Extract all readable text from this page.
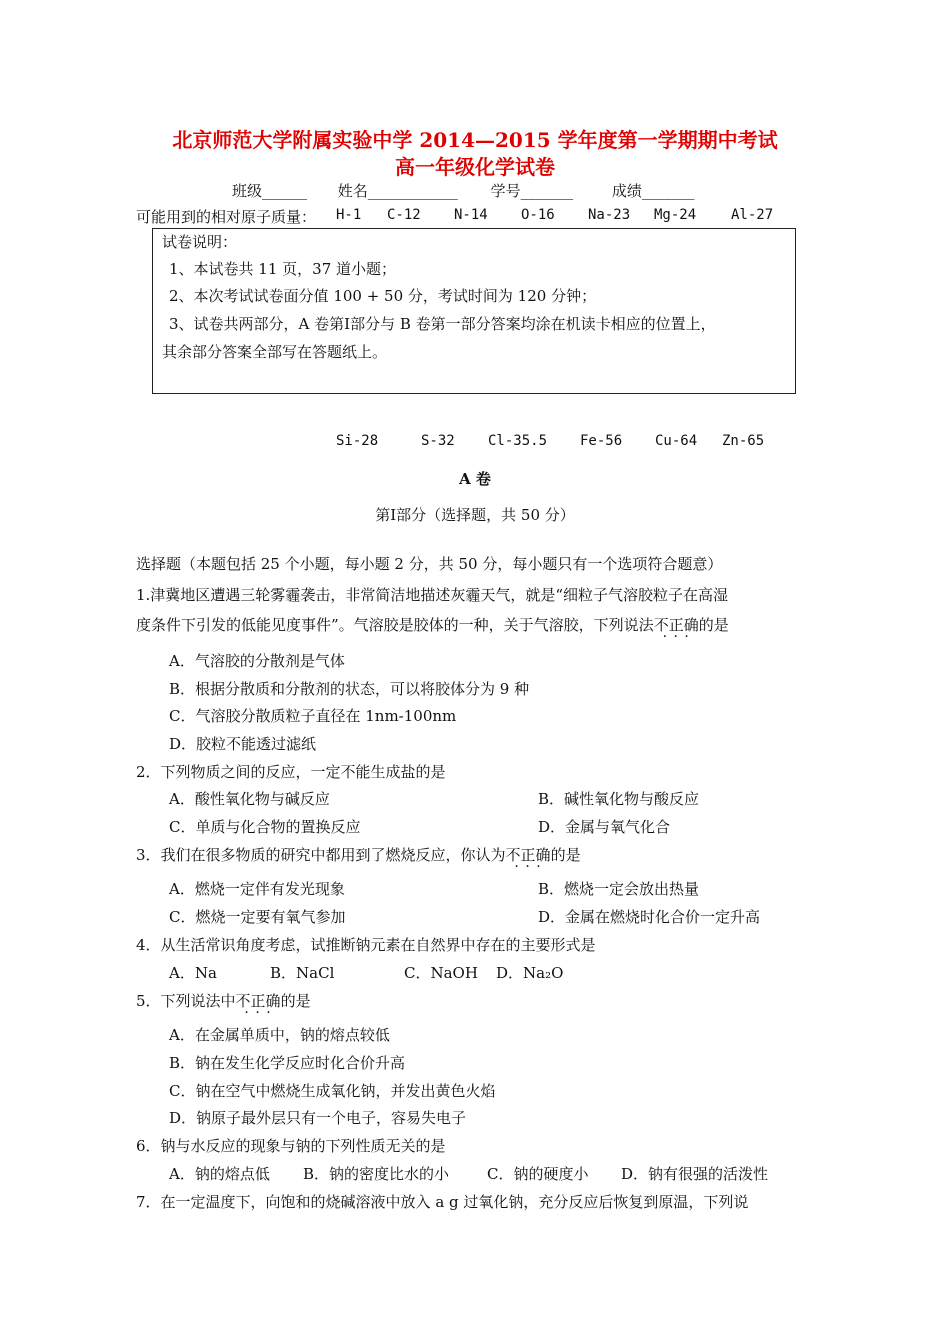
北京师范大学附属实验中学 2014—2015 学年度第一学期期中考试
高一年级化学试卷
班级______ 姓名____________ 学号_______	成绩_______
可能用到的相对原子质量： H-1 C-12 N-14 O-16 Na-23 Mg-24 Al-27
试卷说明：
1、本试卷共 11 页，37 道小题；
2、本次考试试卷面分值 100 + 50 分，考试时间为 120 分钟；
3、试卷共两部分，A 卷第Ⅰ部分与 B 卷第一部分答案均涂在机读卡相应的位置上，
其余部分答案全部写在答题纸上。
Si-28	S-32 Cl-35.5 Fe-56 Cu-64 Zn-65
A 卷
第Ⅰ部分（选择题，共 50 分）
选择题（本题包括 25 个小题，每小题 2 分，共 50 分，每小题只有一个选项符合题意）
1.津冀地区遭遇三轮雾霾袭击，非常简洁地描述灰霾天气，就是“细粒子气溶胶粒子在高湿
度条件下引发的低能见度事件”。气溶胶是胶体的一种，关于气溶胶，下列说法不正确 · · ·的是
A．气溶胶的分散剂是气体
B．根据分散质和分散剂的状态，可以将胶体分为 9 种
C．气溶胶分散质粒子直径在 1nm-100nm
D．胶粒不能透过滤纸
2．下列物质之间的反应，一定不能生成盐的是
A．酸性氧化物与碱反应	B．碱性氧化物与酸反应
C．单质与化合物的置换反应	D．金属与氧气化合
3．我们在很多物质的研究中都用到了燃烧反应，你认为不正确 · · ·的是
A．燃烧一定伴有发光现象	B．燃烧一定会放出热量
C．燃烧一定要有氧气参加	D．金属在燃烧时化合价一定升高
4．从生活常识角度考虑，试推断钠元素在自然界中存在的主要形式是
A．Na	B．NaCl	C．NaOH D．Na₂O
5．下列说法中不正确 · · ·的是
A．在金属单质中，钠的熔点较低
B．钠在发生化学反应时化合价升高
C．钠在空气中燃烧生成氧化钠，并发出黄色火焰
D．钠原子最外层只有一个电子，容易失电子
6．钠与水反应的现象与钠的下列性质无关的是
A．钠的熔点低 B．钠的密度比水的小	C．钠的硬度小 D．钠有很强的活泼性
7．在一定温度下，向饱和的烧碱溶液中放入 a g 过氧化钠，充分反应后恢复到原温，下列说
